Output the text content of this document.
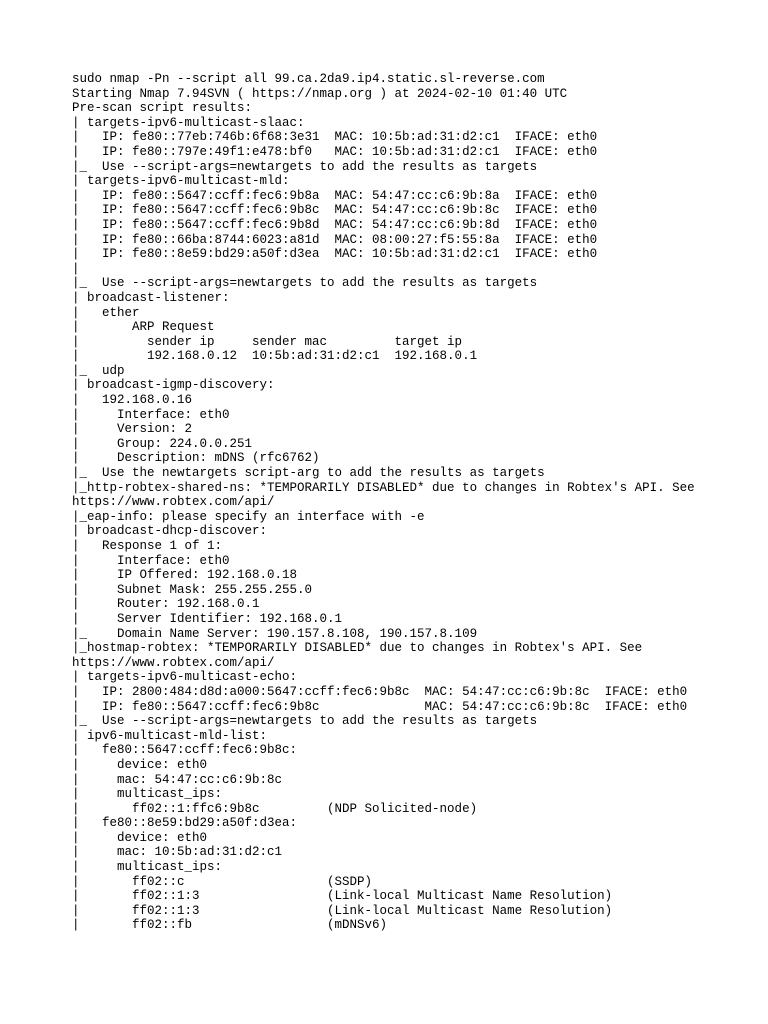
sudo nmap -Pn --script all 99.ca.2da9.ip4.static.sl-reverse.com
Starting Nmap 7.94SVN ( https://nmap.org ) at 2024-02-10 01:40 UTC
Pre-scan script results:
| targets-ipv6-multicast-slaac:
|   IP: fe80::77eb:746b:6f68:3e31  MAC: 10:5b:ad:31:d2:c1  IFACE: eth0
|   IP: fe80::797e:49f1:e478:bf0   MAC: 10:5b:ad:31:d2:c1  IFACE: eth0
|_  Use --script-args=newtargets to add the results as targets
| targets-ipv6-multicast-mld:
|   IP: fe80::5647:ccff:fec6:9b8a  MAC: 54:47:cc:c6:9b:8a  IFACE: eth0
|   IP: fe80::5647:ccff:fec6:9b8c  MAC: 54:47:cc:c6:9b:8c  IFACE: eth0
|   IP: fe80::5647:ccff:fec6:9b8d  MAC: 54:47:cc:c6:9b:8d  IFACE: eth0
|   IP: fe80::66ba:8744:6023:a81d  MAC: 08:00:27:f5:55:8a  IFACE: eth0
|   IP: fe80::8e59:bd29:a50f:d3ea  MAC: 10:5b:ad:31:d2:c1  IFACE: eth0
|
|_  Use --script-args=newtargets to add the results as targets
| broadcast-listener:
|   ether
|       ARP Request
|         sender ip     sender mac         target ip
|         192.168.0.12  10:5b:ad:31:d2:c1  192.168.0.1
|_  udp
| broadcast-igmp-discovery:
|   192.168.0.16
|     Interface: eth0
|     Version: 2
|     Group: 224.0.0.251
|     Description: mDNS (rfc6762)
|_  Use the newtargets script-arg to add the results as targets
|_http-robtex-shared-ns: *TEMPORARILY DISABLED* due to changes in Robtex's API. See
https://www.robtex.com/api/
|_eap-info: please specify an interface with -e
| broadcast-dhcp-discover:
|   Response 1 of 1:
|     Interface: eth0
|     IP Offered: 192.168.0.18
|     Subnet Mask: 255.255.255.0
|     Router: 192.168.0.1
|     Server Identifier: 192.168.0.1
|_    Domain Name Server: 190.157.8.108, 190.157.8.109
|_hostmap-robtex: *TEMPORARILY DISABLED* due to changes in Robtex's API. See
https://www.robtex.com/api/
| targets-ipv6-multicast-echo:
|   IP: 2800:484:d8d:a000:5647:ccff:fec6:9b8c  MAC: 54:47:cc:c6:9b:8c  IFACE: eth0
|   IP: fe80::5647:ccff:fec6:9b8c              MAC: 54:47:cc:c6:9b:8c  IFACE: eth0
|_  Use --script-args=newtargets to add the results as targets
| ipv6-multicast-mld-list:
|   fe80::5647:ccff:fec6:9b8c:
|     device: eth0
|     mac: 54:47:cc:c6:9b:8c
|     multicast_ips:
|       ff02::1:ffc6:9b8c         (NDP Solicited-node)
|   fe80::8e59:bd29:a50f:d3ea:
|     device: eth0
|     mac: 10:5b:ad:31:d2:c1
|     multicast_ips:
|       ff02::c                   (SSDP)
|       ff02::1:3                 (Link-local Multicast Name Resolution)
|       ff02::1:3                 (Link-local Multicast Name Resolution)
|       ff02::fb                  (mDNSv6)
